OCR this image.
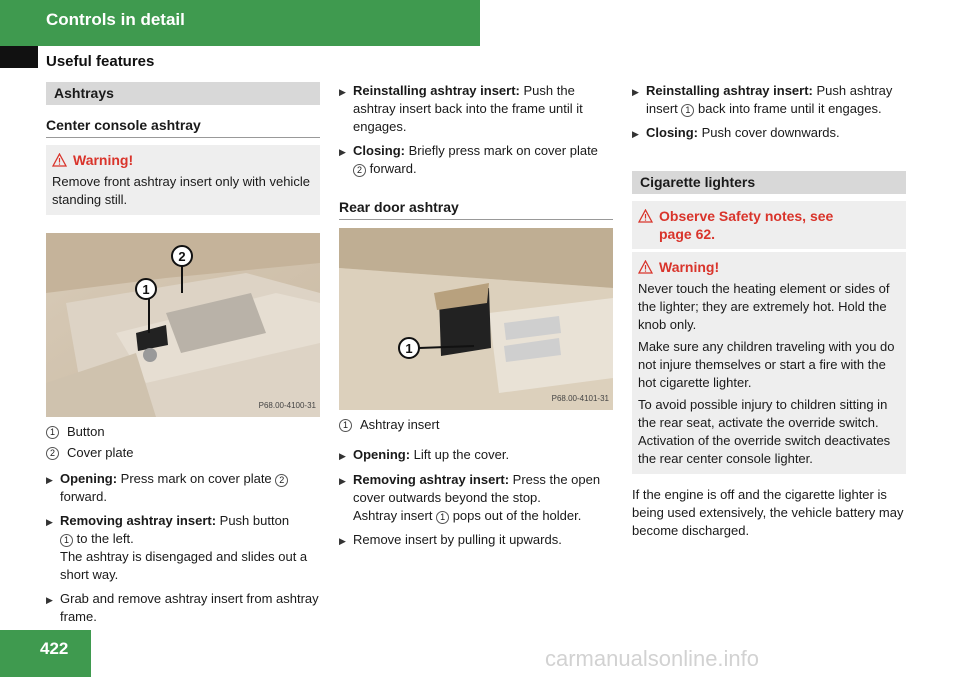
Controls in detail
Useful features
Ashtrays
Center console ashtray
Warning!

Remove front ashtray insert only with vehicle standing still.

1
2
P68.00-4100-31
1 Button
2 Cover plate
▶ Opening: Press mark on cover plate 2 forward.
▶ Removing ashtray insert: Push button
1 to the left.
The ashtray is disengaged and slides out a short way.
▶ Grab and remove ashtray insert from ashtray frame.
▶ Reinstalling ashtray insert: Push the ashtray insert back into the frame until it engages.
▶ Closing: Briefly press mark on cover plate
2 forward.
Rear door ashtray
1
P68.00-4101-31
1 Ashtray insert
▶ Opening: Lift up the cover.
▶ Removing ashtray insert: Press the open cover outwards beyond the stop.
Ashtray insert 1 pops out of the holder.
▶ Remove insert by pulling it upwards.
▶ Reinstalling ashtray insert: Push ashtray insert 1 back into frame until it engages.
▶ Closing: Push cover downwards.
Cigarette lighters
Observe Safety notes, see page 62.
Warning!

Never touch the heating element or sides of the lighter; they are extremely hot. Hold the knob only.

Make sure any children traveling with you do not injure themselves or start a fire with the hot cigarette lighter.

To avoid possible injury to children sitting in the rear seat, activate the override switch. Activation of the override switch deactivates the rear center console lighter.

If the engine is off and the cigarette lighter is being used extensively, the vehicle battery may become discharged.

422	carmanualsonline.info
